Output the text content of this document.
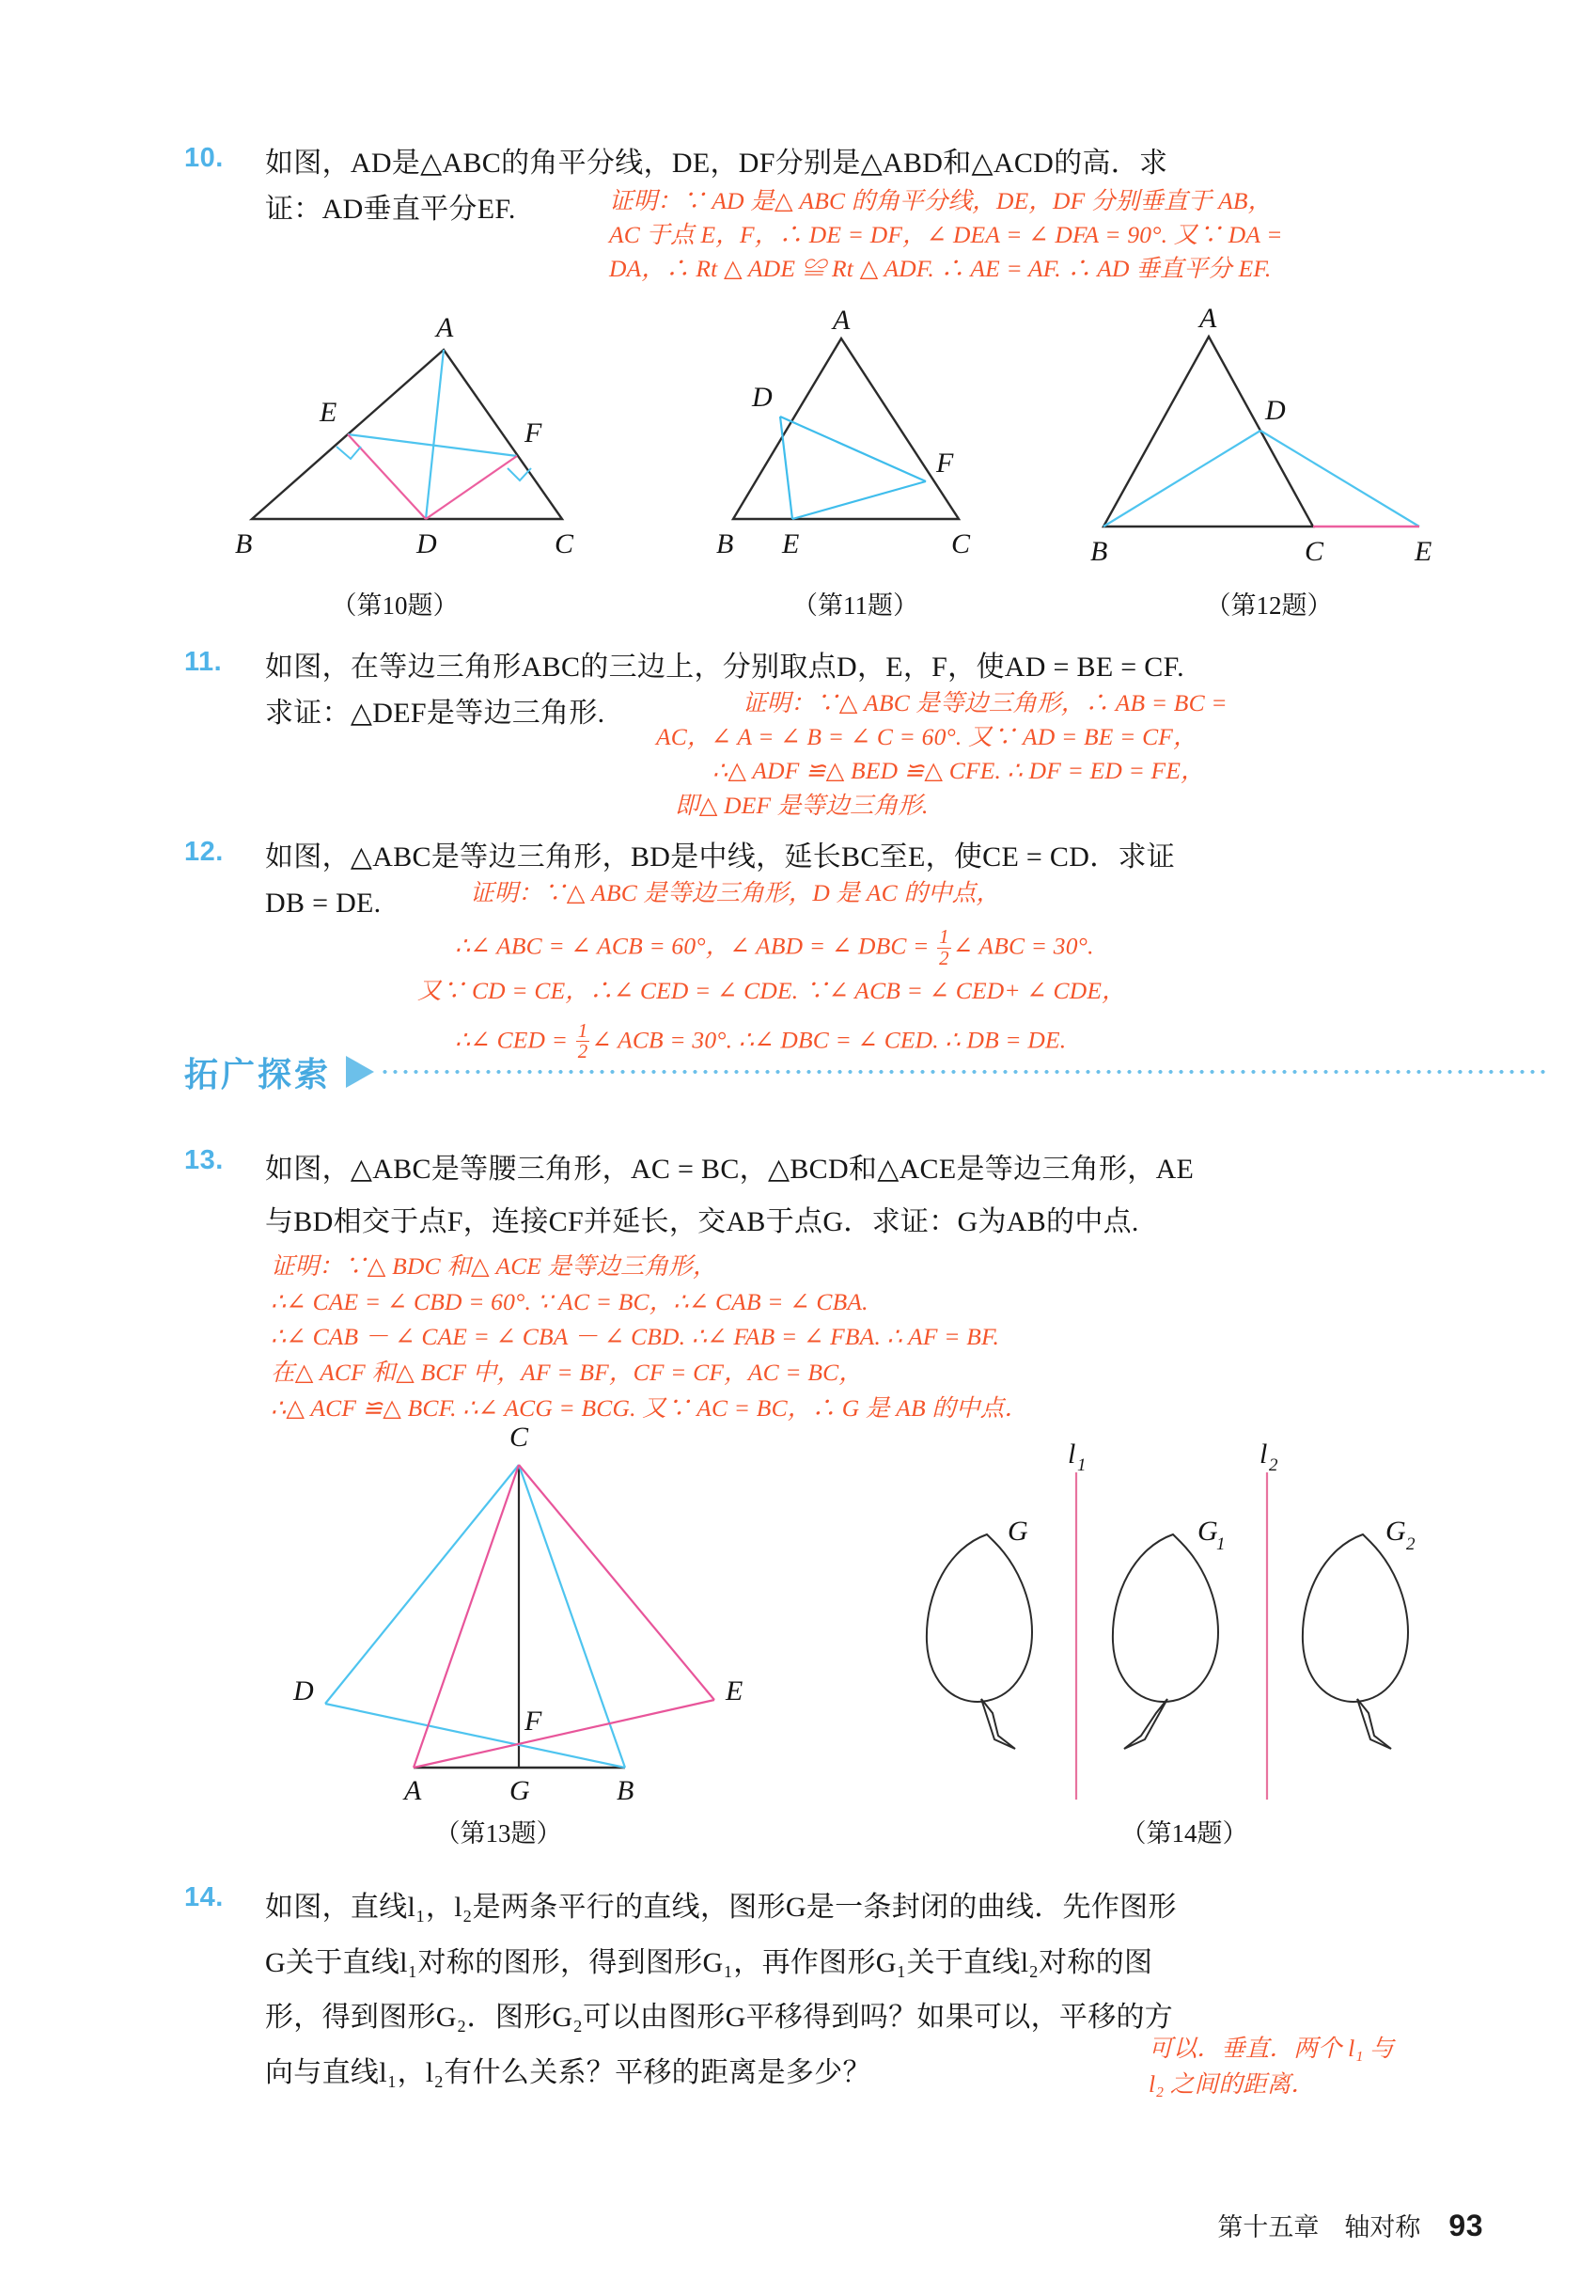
10. 如图，AD是△ABC的角平分线，DE，DF分别是△ABD和△ACD的高．求
证：AD垂直平分EF.	证明：∵ AD 是△ ABC 的角平分线，DE，DF 分别垂直于 AB，
AC 于点 E，F，∴ DE = DF，∠ DEA = ∠ DFA = 90°. 又∵ DA =
DA，∴ Rt △ ADE ≌ Rt △ ADF. ∴ AE = AF. ∴ AD 垂直平分 EF.
A
B	C
D
E
F
（第10题）
A
B	C
D
E
F
（第11题）
A
B	C
D
E
（第12题）
11. 如图，在等边三角形ABC的三边上，分别取点D，E，F，使AD = BE = CF.
求证：△DEF是等边三角形.	证明：∵△ ABC 是等边三角形，∴ AB = BC =
AC，∠ A = ∠ B = ∠ C = 60°. 又∵ AD = BE = CF，
∴△ ADF ≌△ BED ≌△ CFE. ∴ DF = ED = FE，
即△ DEF 是等边三角形.
12. 如图，△ABC是等边三角形，BD是中线，延长BC至E，使CE = CD．求证
DB = DE.	证明：∵△ ABC 是等边三角形，D 是 AC 的中点，
∴∠ ABC = ∠ ACB = 60°，∠ ABD = ∠ DBC = $\frac{1}{2}$ ∠ ABC = 30°.
又∵ CD = CE，∴∠ CED = ∠ CDE. ∵∠ ACB = ∠ CED+ ∠ CDE，
∴∠ CED = $\frac{1}{2}$ ∠ ACB = 30°. ∴∠ DBC = ∠ CED. ∴ DB = DE.
拓广探索
13. 如图，△ABC是等腰三角形，AC = BC，△BCD和△ACE是等边三角形，AE
与BD相交于点F，连接CF并延长，交AB于点G．求证：G为AB的中点.
证明：∵△ BDC 和△ ACE 是等边三角形，
∴∠ CAE = ∠ CBD = 60°. ∵ AC = BC，∴∠ CAB = ∠ CBA.
∴∠ CAB － ∠ CAE = ∠ CBA － ∠ CBD. ∴∠ FAB = ∠ FBA. ∴ AF = BF.
在△ ACF 和△ BCF 中，AF = BF，CF = CF，AC = BC，
∴△ ACF ≌△ BCF. ∴∠ ACG = BCG. 又∵ AC = BC，∴ G 是 AB 的中点．
C
D	E
F
A	G	B
（第13题）
G	G
1	G 2
l 1	l 2
（第14题）
14. 如图，直线l₁，l₂是两条平行的直线，图形G是一条封闭的曲线．先作图形
G关于直线l₁对称的图形，得到图形G₁，再作图形G₁关于直线l₂对称的图
形，得到图形G₂．图形G₂可以由图形G平移得到吗？如果可以，平移的方
向与直线l₁，l₂有什么关系？平移的距离是多少？
可以．垂直．两个 l₁ 与
l₂ 之间的距离．
第十五章　轴对称 93
